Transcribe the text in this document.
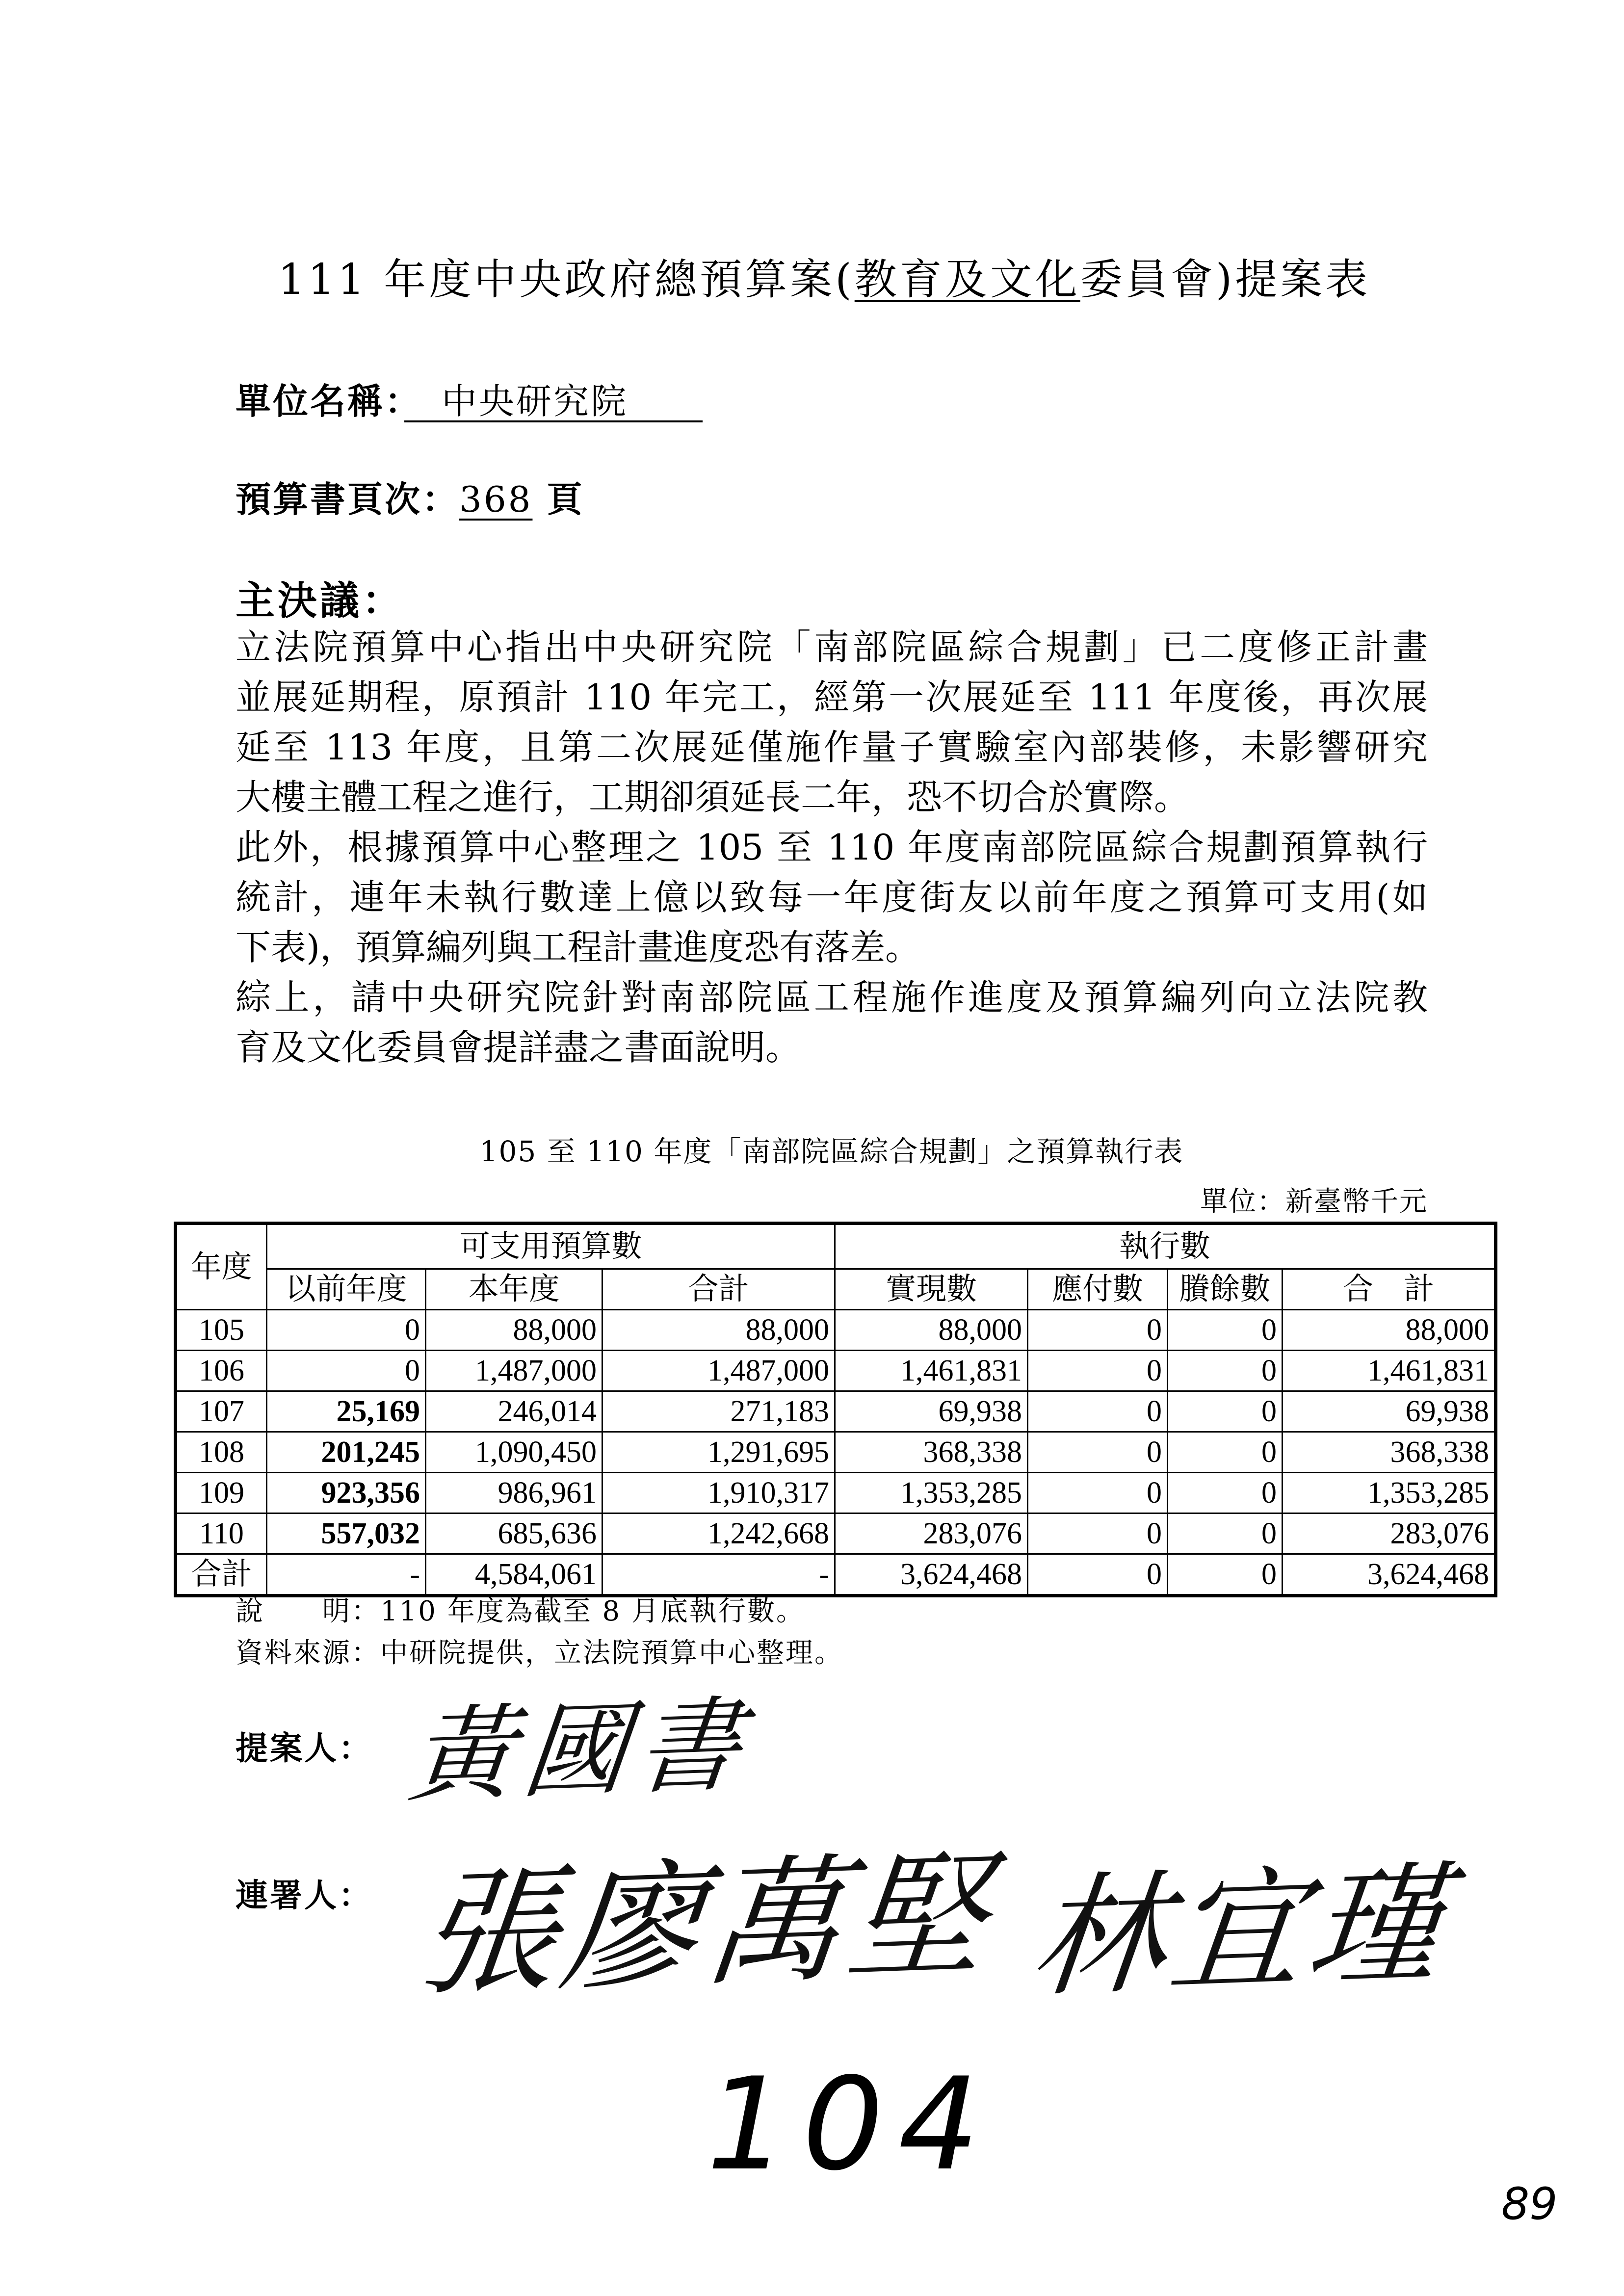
111 年度中央政府總預算案(教育及文化委員會)提案表
單位名稱：　中央研究院　　
預算書頁次：368 頁
主決議：
立法院預算中心指出中央研究院「南部院區綜合規劃」已二度修正計畫
並展延期程，原預計 110 年完工，經第一次展延至 111 年度後，再次展
延至 113 年度，且第二次展延僅施作量子實驗室內部裝修，未影響研究
大樓主體工程之進行，工期卻須延長二年，恐不切合於實際。
此外，根據預算中心整理之 105 至 110 年度南部院區綜合規劃預算執行
統計，連年未執行數達上億以致每一年度街友以前年度之預算可支用(如
下表)，預算編列與工程計畫進度恐有落差。
綜上，請中央研究院針對南部院區工程施作進度及預算編列向立法院教
育及文化委員會提詳盡之書面說明。
105 至 110 年度「南部院區綜合規劃」之預算執行表
單位：新臺幣千元
年度	可支用預算數			執行數			
	以前年度	本年度	合計	實現數	應付數	賸餘數	合　計
105	0	88,000	88,000	88,000	0	0	88,000
106	0	1,487,000	1,487,000	1,461,831	0	0	1,461,831
107	25,169	246,014	271,183	69,938	0	0	69,938
108	201,245	1,090,450	1,291,695	368,338	0	0	368,338
109	923,356	986,961	1,910,317	1,353,285	0	0	1,353,285
110	557,032	685,636	1,242,668	283,076	0	0	283,076
合計	-	4,584,061	-	3,624,468	0	0	3,624,468
說　　明：110 年度為截至 8 月底執行數。
資料來源：中研院提供，立法院預算中心整理。
提案人： 黃國書
連署人： 張廖萬堅 林宜瑾
104
89
